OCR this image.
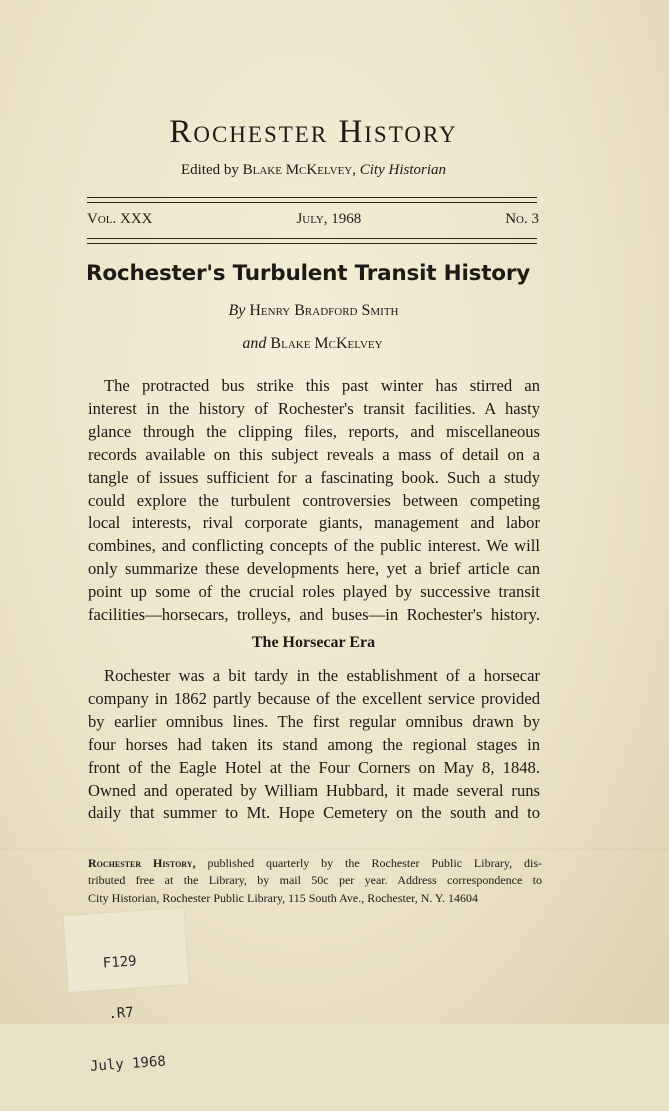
Rochester History
Edited by Blake McKelvey, City Historian
Vol. XXX	July, 1968	No. 3
Rochester's Turbulent Transit History
By Henry Bradford Smith
and Blake McKelvey
The protracted bus strike this past winter has stirred an
interest in the history of Rochester's transit facilities. A hasty
glance through the clipping files, reports, and miscellaneous
records available on this subject reveals a mass of detail on a
tangle of issues sufficient for a fascinating book. Such a study
could explore the turbulent controversies between competing
local interests, rival corporate giants, management and labor
combines, and conflicting concepts of the public interest. We will
only summarize these developments here, yet a brief article can
point up some of the crucial roles played by successive transit
facilities—horsecars, trolleys, and buses—in Rochester's history.
The Horsecar Era
Rochester was a bit tardy in the establishment of a horsecar
company in 1862 partly because of the excellent service provided
by earlier omnibus lines. The first regular omnibus drawn by
four horses had taken its stand among the regional stages in
front of the Eagle Hotel at the Four Corners on May 8, 1848.
Owned and operated by William Hubbard, it made several runs
daily that summer to Mt. Hope Cemetery on the south and to
Rochester History, published quarterly by the Rochester Public Library, dis-
tributed free at the Library, by mail 50c per year. Address correspondence to
City Historian, Rochester Public Library, 115 South Ave., Rochester, N. Y. 14604

F129

.R7

July 1968
